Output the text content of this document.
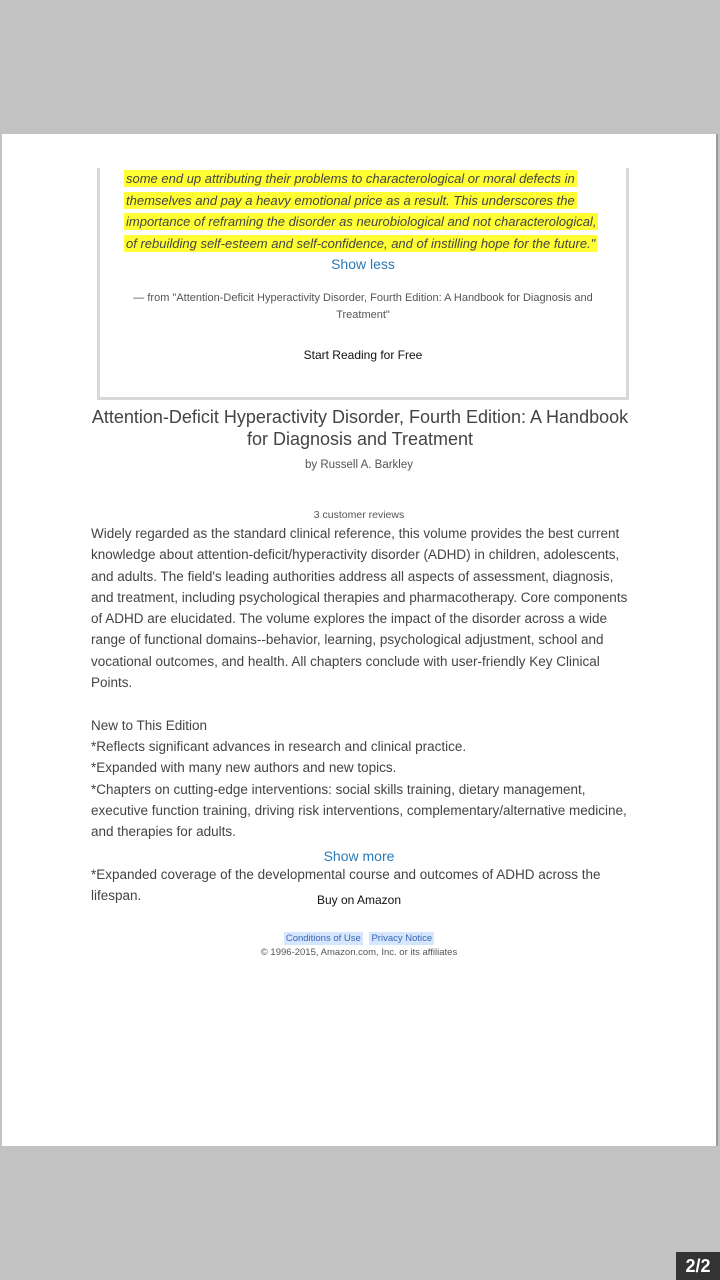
some end up attributing their problems to characterological or moral defects in
themselves and pay a heavy emotional price as a result. This underscores the
importance of reframing the disorder as neurobiological and not characterological,
of rebuilding self-esteem and self-confidence, and of instilling hope for the future."
Show less
— from "Attention-Deficit Hyperactivity Disorder, Fourth Edition: A Handbook for Diagnosis and Treatment"
Start Reading for Free
Attention-Deficit Hyperactivity Disorder, Fourth Edition: A Handbook for Diagnosis and Treatment
by Russell A. Barkley
3 customer reviews

Widely regarded as the standard clinical reference, this volume provides the best current knowledge about attention-deficit/hyperactivity disorder (ADHD) in children, adolescents, and adults. The field's leading authorities address all aspects of assessment, diagnosis, and treatment, including psychological therapies and pharmacotherapy. Core components of ADHD are elucidated. The volume explores the impact of the disorder across a wide range of functional domains--behavior, learning, psychological adjustment, school and vocational outcomes, and health. All chapters conclude with user-friendly Key Clinical Points.

New to This Edition

*Reflects significant advances in research and clinical practice.

*Expanded with many new authors and new topics.

*Chapters on cutting-edge interventions: social skills training, dietary management, executive function training, driving risk interventions, complementary/alternative medicine, and therapies for adults.

*Expanded coverage of the developmental course and outcomes of ADHD across the lifespan.

Show more
Buy on Amazon
Conditions of Use Privacy Notice
© 1996-2015, Amazon.com, Inc. or its affiliates
2/2
